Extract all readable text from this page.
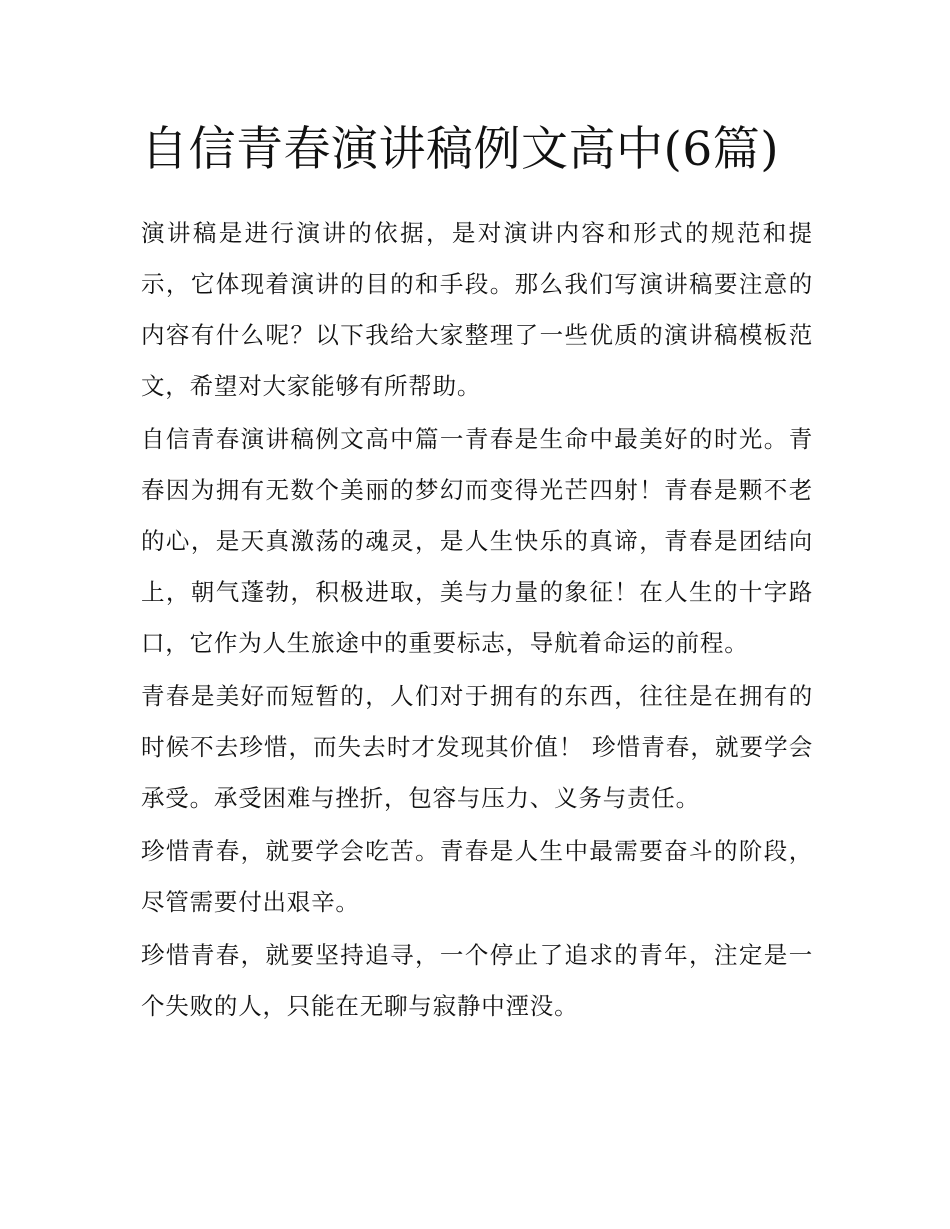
自信青春演讲稿例文高中(6篇)

演讲稿是进行演讲的依据，是对演讲内容和形式的规范和提示，它体现着演讲的目的和手段。那么我们写演讲稿要注意的内容有什么呢？以下我给大家整理了一些优质的演讲稿模板范文，希望对大家能够有所帮助。

自信青春演讲稿例文高中篇一青春是生命中最美好的时光。青春因为拥有无数个美丽的梦幻而变得光芒四射！青春是颗不老的心，是天真激荡的魂灵，是人生快乐的真谛，青春是团结向上，朝气蓬勃，积极进取，美与力量的象征！在人生的十字路口，它作为人生旅途中的重要标志，导航着命运的前程。

青春是美好而短暂的，人们对于拥有的东西，往往是在拥有的时候不去珍惜，而失去时才发现其价值！ 珍惜青春，就要学会承受。承受困难与挫折，包容与压力、义务与责任。

珍惜青春，就要学会吃苦。青春是人生中最需要奋斗的阶段，尽管需要付出艰辛。

珍惜青春，就要坚持追寻，一个停止了追求的青年，注定是一个失败的人，只能在无聊与寂静中湮没。
